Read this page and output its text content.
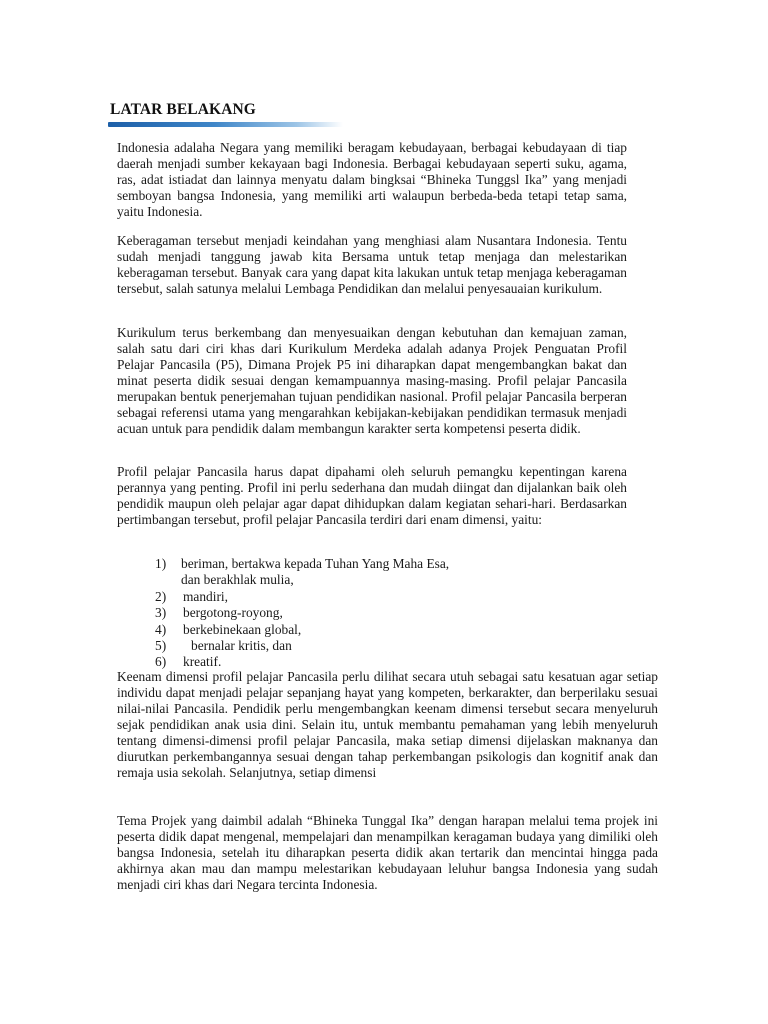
LATAR BELAKANG

Indonesia adalaha Negara yang memiliki beragam kebudayaan, berbagai kebudayaan di tiap daerah menjadi sumber kekayaan bagi Indonesia. Berbagai kebudayaan seperti suku, agama, ras, adat istiadat dan lainnya menyatu dalam bingksai “Bhineka Tunggsl Ika” yang menjadi semboyan bangsa Indonesia, yang memiliki arti walaupun berbeda-beda tetapi tetap sama, yaitu Indonesia.

Keberagaman tersebut menjadi keindahan yang menghiasi alam Nusantara Indonesia. Tentu sudah menjadi tanggung jawab kita Bersama untuk tetap menjaga dan melestarikan keberagaman tersebut. Banyak cara yang dapat kita lakukan untuk tetap menjaga keberagaman tersebut, salah satunya melalui Lembaga Pendidikan dan melalui penyesauaian kurikulum.

Kurikulum terus berkembang dan menyesuaikan dengan kebutuhan dan kemajuan zaman, salah satu dari ciri khas dari Kurikulum Merdeka adalah adanya Projek Penguatan Profil Pelajar Pancasila (P5), Dimana Projek P5 ini diharapkan dapat mengembangkan bakat dan minat peserta didik sesuai dengan kemampuannya masing-masing. Profil pelajar Pancasila merupakan bentuk penerjemahan tujuan pendidikan nasional. Profil pelajar Pancasila berperan sebagai referensi utama yang mengarahkan kebijakan-kebijakan pendidikan termasuk menjadi acuan untuk para pendidik dalam membangun karakter serta kompetensi peserta didik.

Profil pelajar Pancasila harus dapat dipahami oleh seluruh pemangku kepentingan karena perannya yang penting. Profil ini perlu sederhana dan mudah diingat dan dijalankan baik oleh pendidik maupun oleh pelajar agar dapat dihidupkan dalam kegiatan sehari-hari. Berdasarkan pertimbangan tersebut, profil pelajar Pancasila terdiri dari enam dimensi, yaitu:

1) beriman, bertakwa kepada Tuhan Yang Maha Esa,
dan berakhlak mulia,
2) mandiri,
3) bergotong-royong,
4) berkebinekaan global,
5) bernalar kritis, dan
6) kreatif.

Keenam dimensi profil pelajar Pancasila perlu dilihat secara utuh sebagai satu kesatuan agar setiap individu dapat menjadi pelajar sepanjang hayat yang kompeten, berkarakter, dan berperilaku sesuai nilai-nilai Pancasila. Pendidik perlu mengembangkan keenam dimensi tersebut secara menyeluruh sejak pendidikan anak usia dini. Selain itu, untuk membantu pemahaman yang lebih menyeluruh tentang dimensi-dimensi profil pelajar Pancasila, maka setiap dimensi dijelaskan maknanya dan diurutkan perkembangannya sesuai dengan tahap perkembangan psikologis dan kognitif anak dan remaja usia sekolah. Selanjutnya, setiap dimensi

Tema Projek yang daimbil adalah “Bhineka Tunggal Ika” dengan harapan melalui tema projek ini peserta didik dapat mengenal, mempelajari dan menampilkan keragaman budaya yang dimiliki oleh bangsa Indonesia, setelah itu diharapkan peserta didik akan tertarik dan mencintai hingga pada akhirnya akan mau dan mampu melestarikan kebudayaan leluhur bangsa Indonesia yang sudah menjadi ciri khas dari Negara tercinta Indonesia.
